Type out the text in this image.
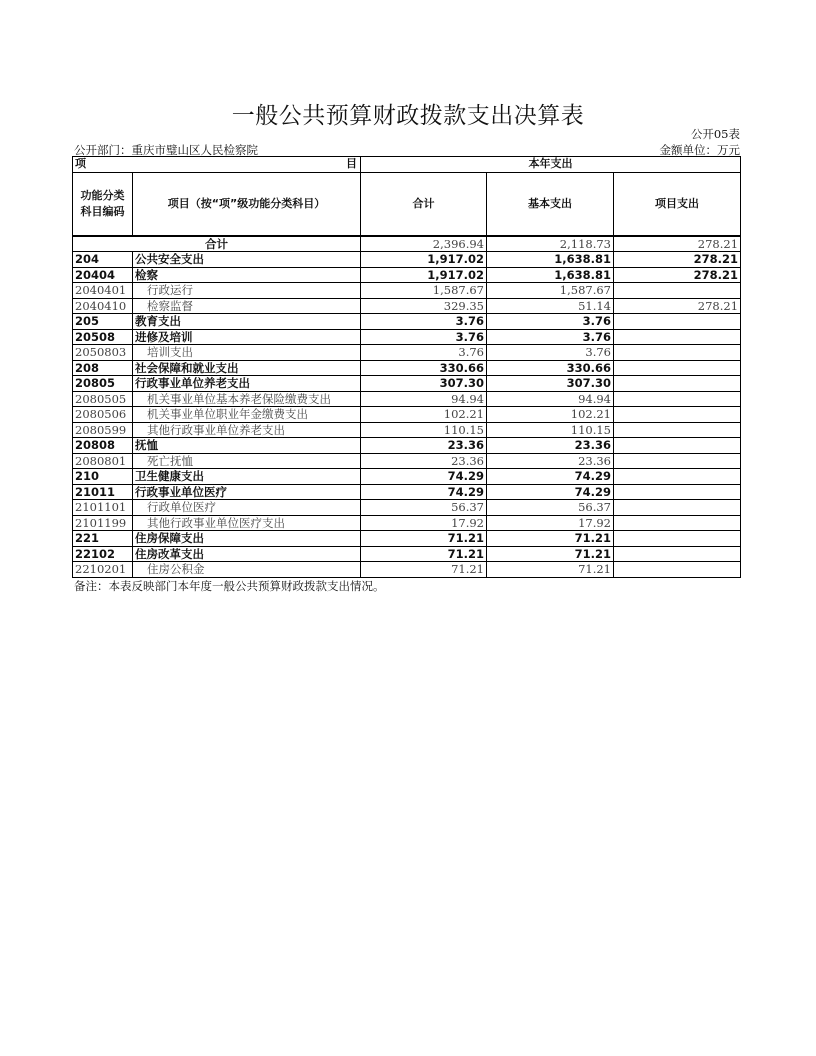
一般公共预算财政拨款支出决算表
公开05表
公开部门：重庆市璧山区人民检察院	金额单位：万元
项 目		本年支出		
功能分类科目编码	项目（按“项”级功能分类科目）	合计	基本支出	项目支出
合计		2,396.94	2,118.73	278.21
204	公共安全支出	1,917.02	1,638.81	278.21
20404	检察	1,917.02	1,638.81	278.21
2040401	行政运行	1,587.67	1,587.67	
2040410	检察监督	329.35	51.14	278.21
205	教育支出	3.76	3.76	
20508	进修及培训	3.76	3.76	
2050803	培训支出	3.76	3.76	
208	社会保障和就业支出	330.66	330.66	
20805	行政事业单位养老支出	307.30	307.30	
2080505	机关事业单位基本养老保险缴费支出	94.94	94.94	
2080506	机关事业单位职业年金缴费支出	102.21	102.21	
2080599	其他行政事业单位养老支出	110.15	110.15	
20808	抚恤	23.36	23.36	
2080801	死亡抚恤	23.36	23.36	
210	卫生健康支出	74.29	74.29	
21011	行政事业单位医疗	74.29	74.29	
2101101	行政单位医疗	56.37	56.37	
2101199	其他行政事业单位医疗支出	17.92	17.92	
221	住房保障支出	71.21	71.21	
22102	住房改革支出	71.21	71.21	
2210201	住房公积金	71.21	71.21	
备注：本表反映部门本年度一般公共预算财政拨款支出情况。
